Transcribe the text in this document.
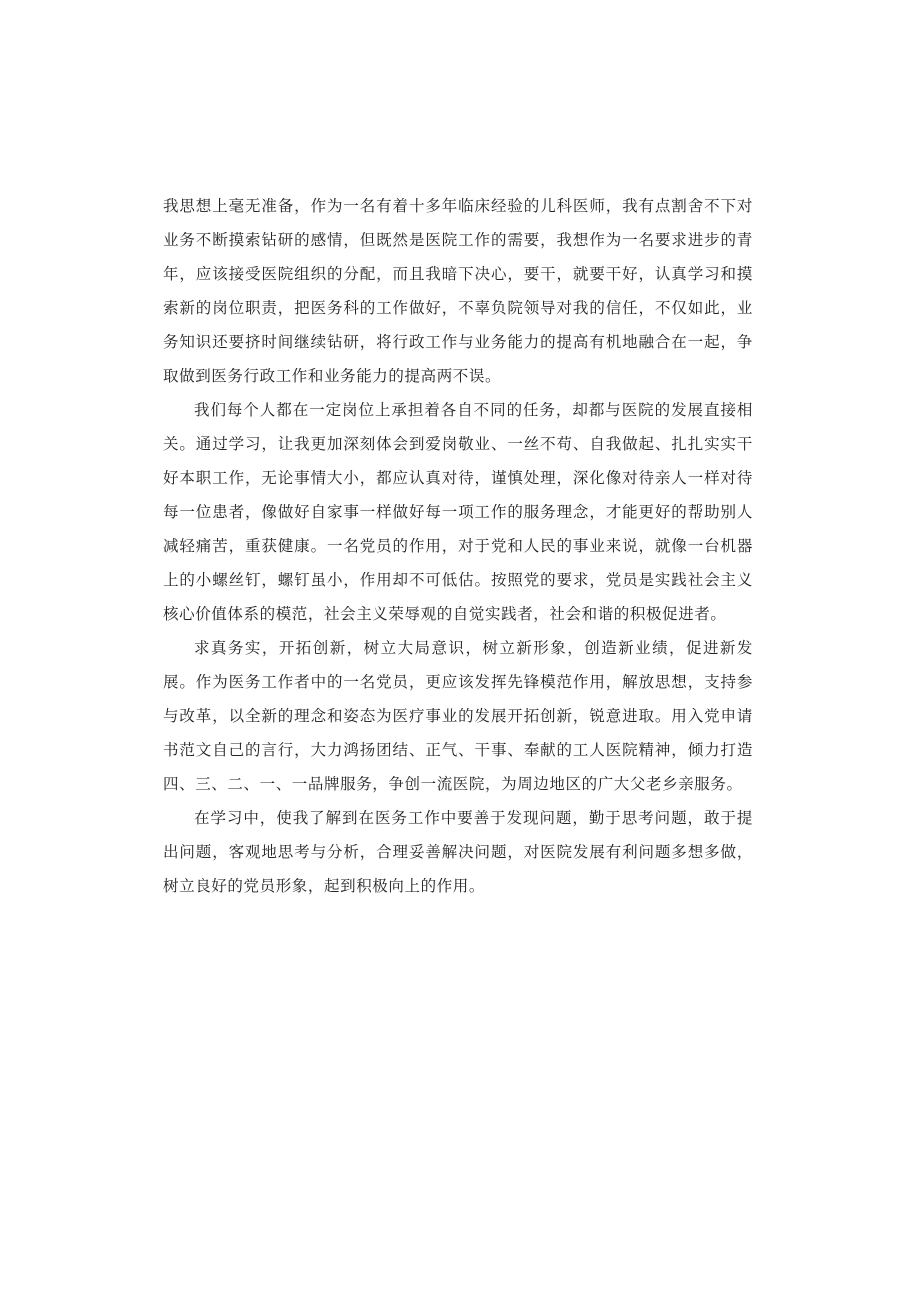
我思想上毫无准备，作为一名有着十多年临床经验的儿科医师，我有点割舍不下对业务不断摸索钻研的感情，但既然是医院工作的需要，我想作为一名要求进步的青年，应该接受医院组织的分配，而且我暗下决心，要干，就要干好，认真学习和摸索新的岗位职责，把医务科的工作做好，不辜负院领导对我的信任，不仅如此，业务知识还要挤时间继续钻研，将行政工作与业务能力的提高有机地融合在一起，争取做到医务行政工作和业务能力的提高两不误。

我们每个人都在一定岗位上承担着各自不同的任务，却都与医院的发展直接相关。通过学习，让我更加深刻体会到爱岗敬业、一丝不苟、自我做起、扎扎实实干好本职工作，无论事情大小，都应认真对待，谨慎处理，深化像对待亲人一样对待每一位患者，像做好自家事一样做好每一项工作的服务理念，才能更好的帮助别人减轻痛苦，重获健康。一名党员的作用，对于党和人民的事业来说，就像一台机器上的小螺丝钉，螺钉虽小，作用却不可低估。按照党的要求，党员是实践社会主义核心价值体系的模范，社会主义荣辱观的自觉实践者，社会和谐的积极促进者。

求真务实，开拓创新，树立大局意识，树立新形象，创造新业绩，促进新发展。作为医务工作者中的一名党员，更应该发挥先锋模范作用，解放思想，支持参与改革，以全新的理念和姿态为医疗事业的发展开拓创新，锐意进取。用入党申请书范文自己的言行，大力鸿扬团结、正气、干事、奉献的工人医院精神，倾力打造四、三、二、一、一品牌服务，争创一流医院，为周边地区的广大父老乡亲服务。

在学习中，使我了解到在医务工作中要善于发现问题，勤于思考问题，敢于提出问题，客观地思考与分析，合理妥善解决问题，对医院发展有利问题多想多做，树立良好的党员形象，起到积极向上的作用。
